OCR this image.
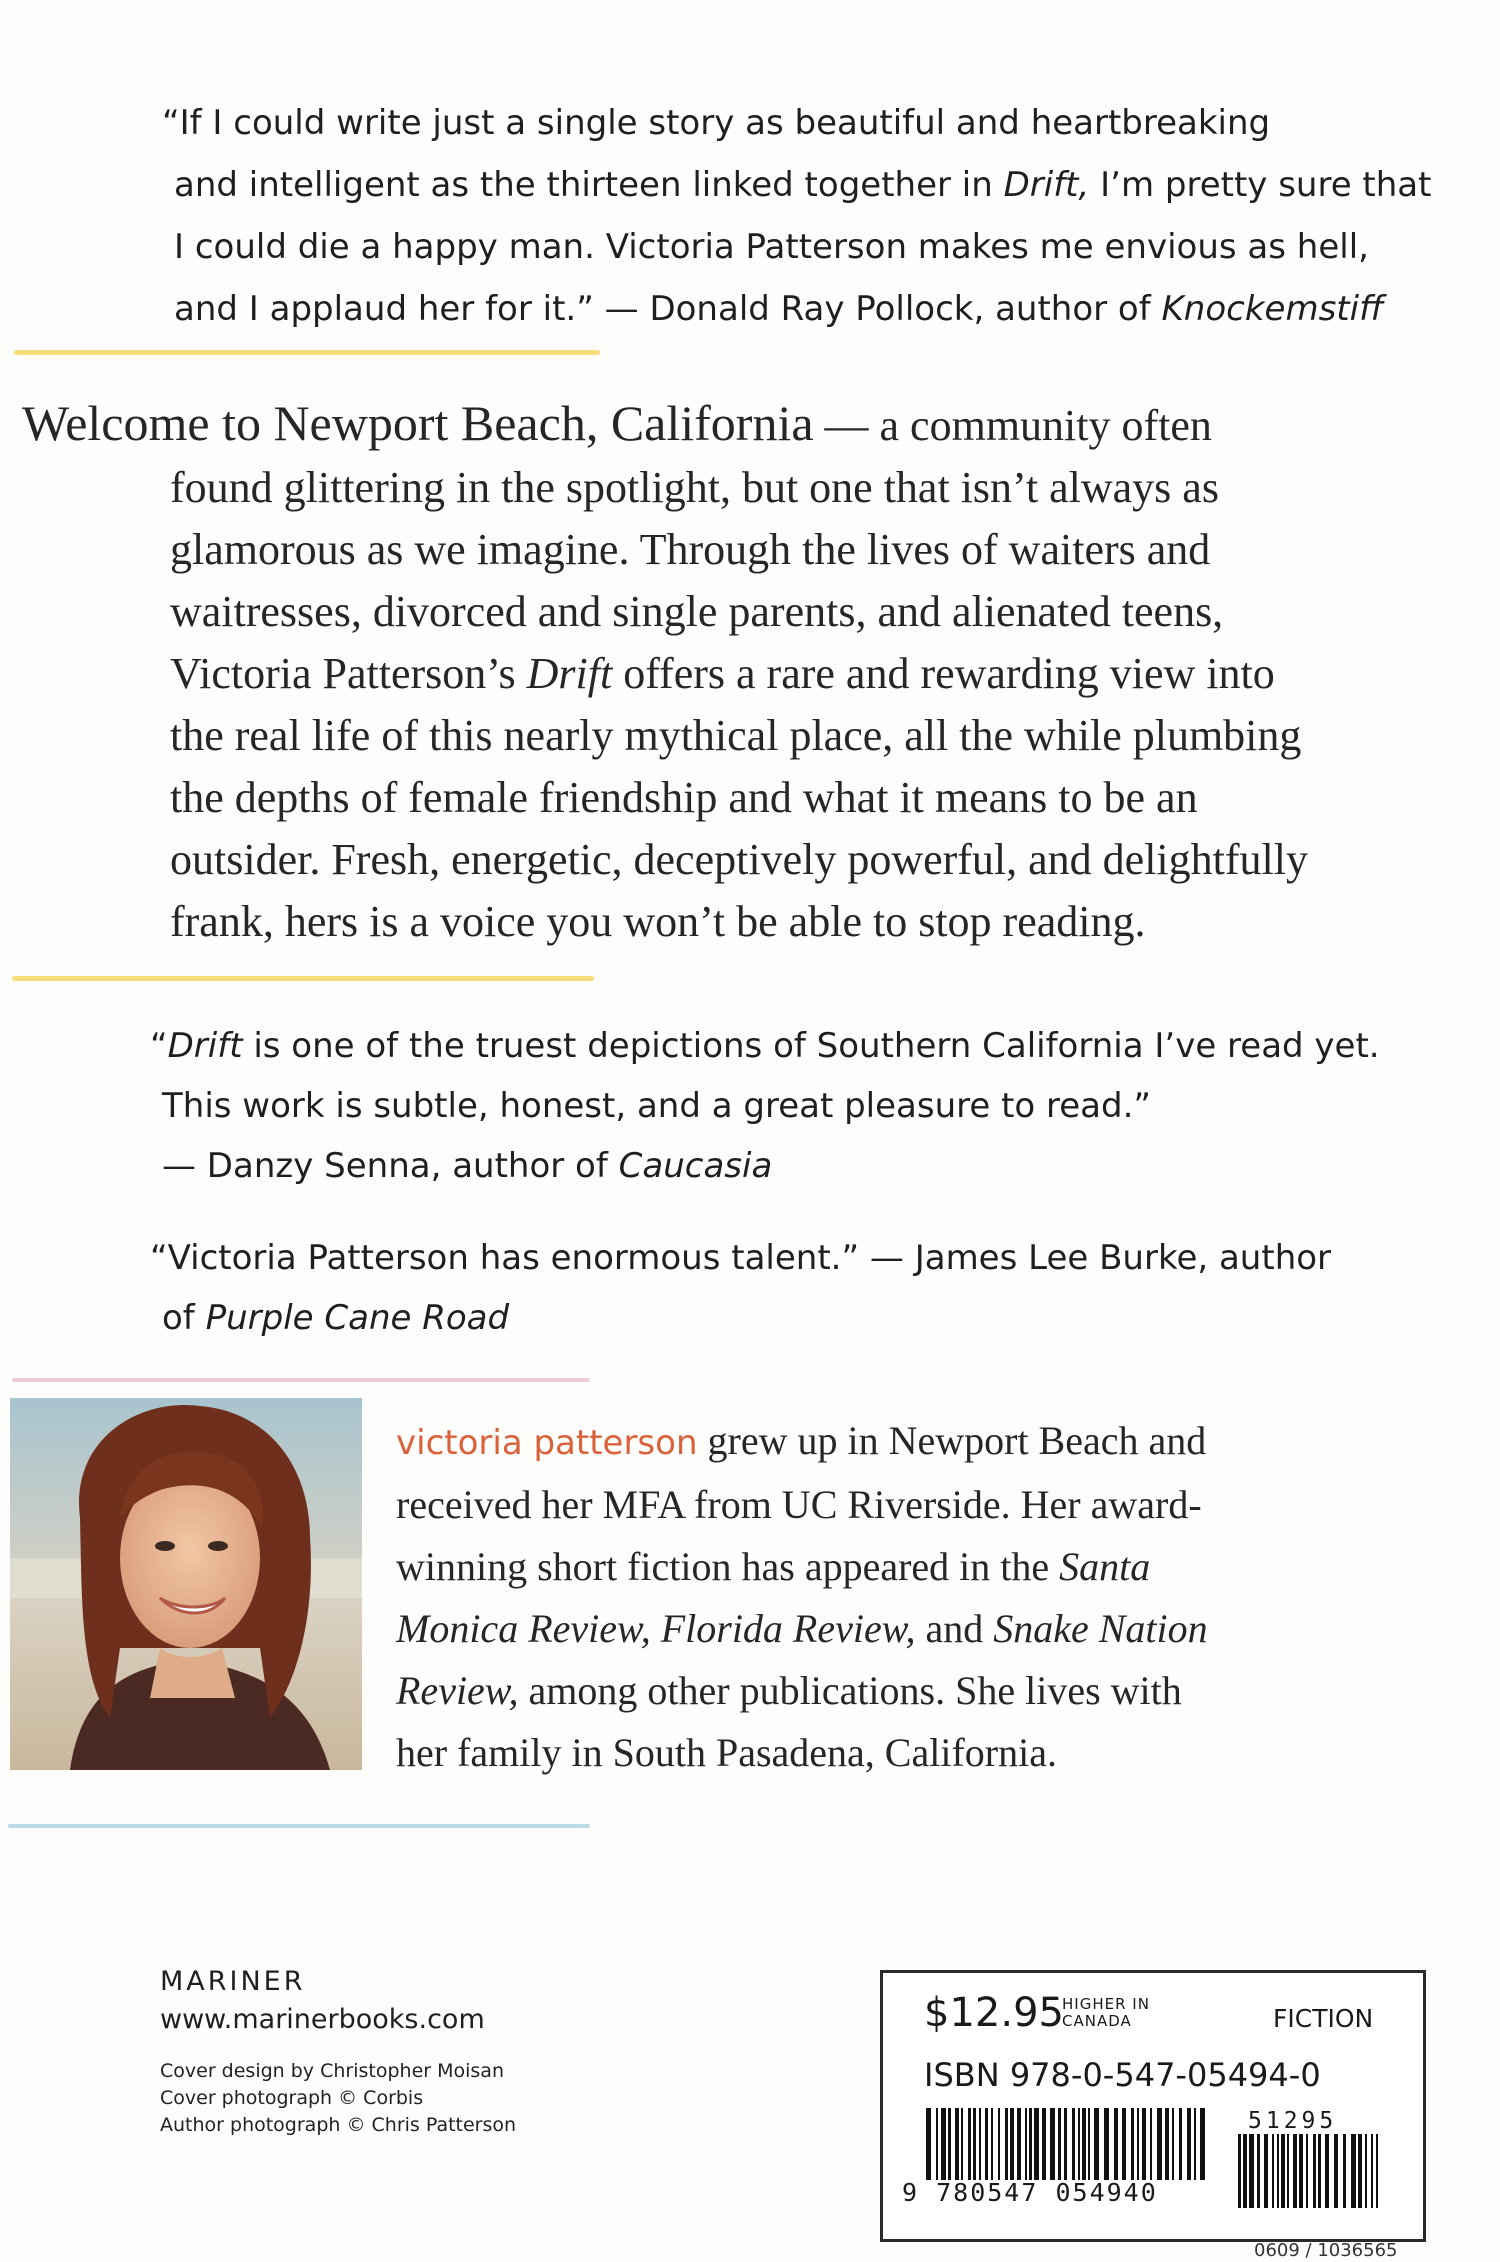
“If I could write just a single story as beautiful and heartbreaking
and intelligent as the thirteen linked together in Drift, I’m pretty sure that
I could die a happy man. Victoria Patterson makes me envious as hell,
and I applaud her for it.” — Donald Ray Pollock, author of Knockemstiff
Welcome to Newport Beach, California — a community often
found glittering in the spotlight, but one that isn’t always as
glamorous as we imagine. Through the lives of waiters and
waitresses, divorced and single parents, and alienated teens,
Victoria Patterson’s Drift offers a rare and rewarding view into
the real life of this nearly mythical place, all the while plumbing
the depths of female friendship and what it means to be an
outsider. Fresh, energetic, deceptively powerful, and delightfully
frank, hers is a voice you won’t be able to stop reading.
“Drift is one of the truest depictions of Southern California I’ve read yet.
This work is subtle, honest, and a great pleasure to read.”
— Danzy Senna, author of Caucasia
“Victoria Patterson has enormous talent.” — James Lee Burke, author
of Purple Cane Road
victoria patterson grew up in Newport Beach and
received her MFA from UC Riverside. Her award-
winning short fiction has appeared in the Santa
Monica Review, Florida Review, and Snake Nation
Review, among other publications. She lives with
her family in South Pasadena, California.
MARINER
www.marinerbooks.com
Cover design by Christopher Moisan
Cover photograph © Corbis
Author photograph © Chris Patterson
$12.95
HIGHER IN
CANADA	FICTION
ISBN 978-0-547-05494-0
9 780547 054940
51295
0609 / 1036565
